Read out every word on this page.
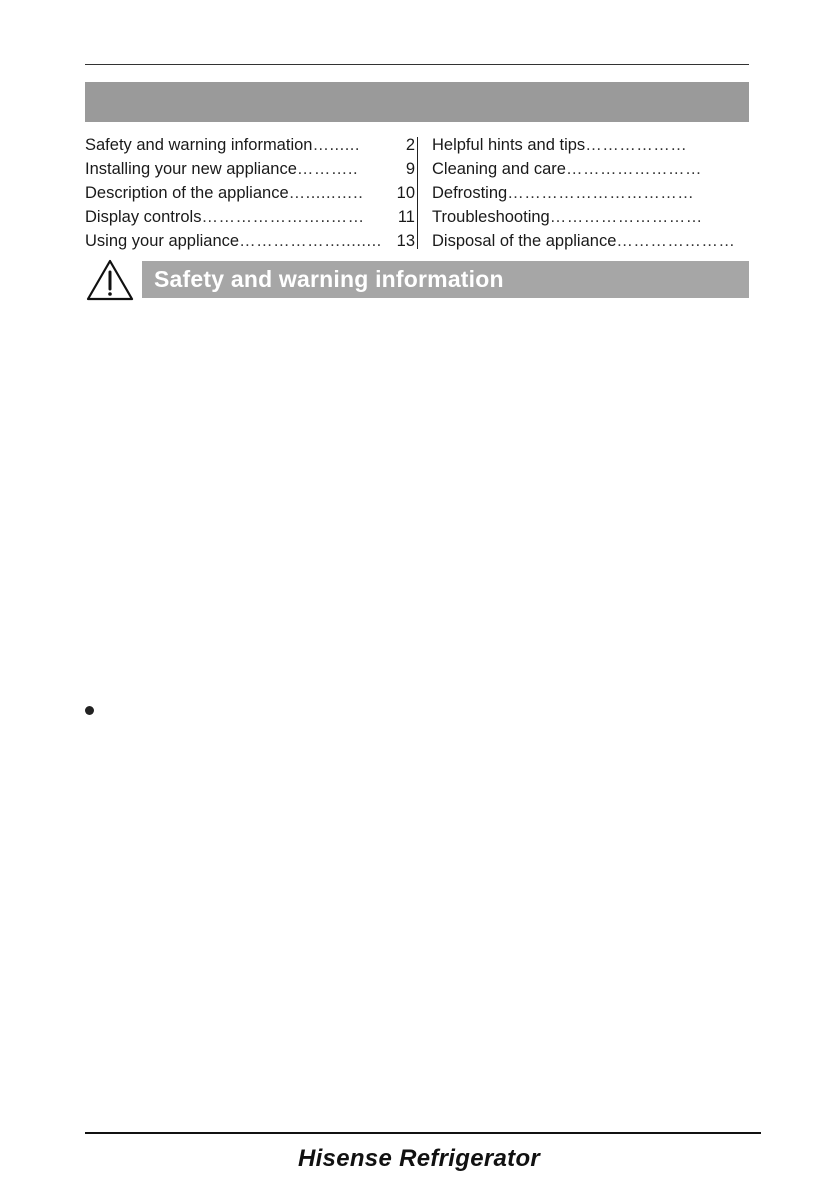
Safety and warning information …......	2
Installing your new appliance ………..	9
Description of the appliance …......…..	10
Display controls …………………..……	11
Using your appliance ………………........ 13
Helpful hints and tips ………………
Cleaning and care ……………………
Defrosting ……………………………
Troubleshooting ………………………
Disposal of the appliance …………………
Safety and warning information
Hisense Refrigerator
